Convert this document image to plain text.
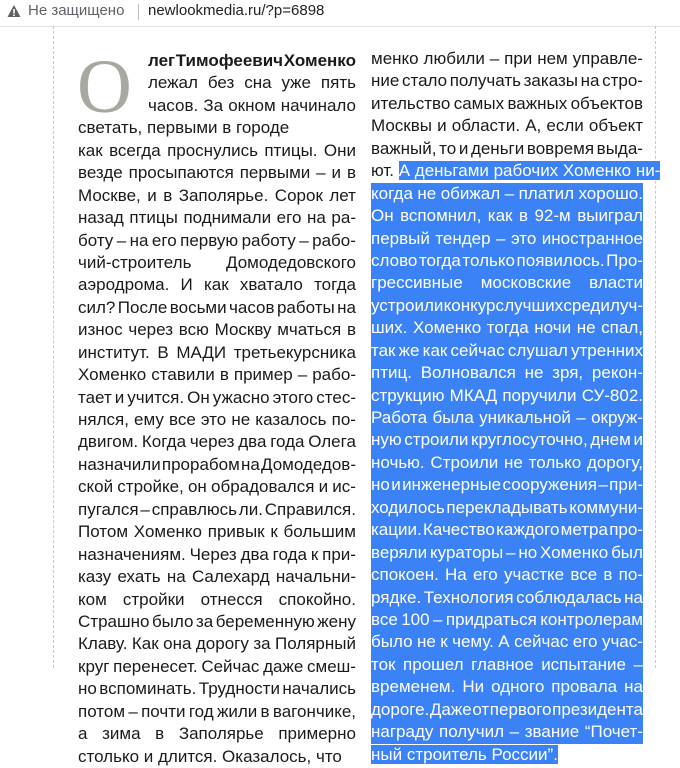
Не защищено newlookmedia.ru/?p=6898
О лег Тимофеевич Хоменко
лежал без сна уже пять
часов. За окном начинало
светать, первыми в городе
как всегда проснулись птицы. Они
везде просыпаются первыми – и в
Москве, и в Заполярье. Сорок лет
назад птицы поднимали его на ра-
боту – на его первую работу – рабо-
чий-строитель Домодедовского
аэродрома. И как хватало тогда
сил? После восьми часов работы на
износ через всю Москву мчаться в
институт. В МАДИ третьекурсника
Хоменко ставили в пример – рабо-
тает и учится. Он ужасно этого стес-
нялся, ему все это не казалось по-
двигом. Когда через два года Олега
назначили прорабом на Домодедов-
ской стройке, он обрадовался и ис-
пугался – справлюсь ли. Справился.
Потом Хоменко привык к большим
назначениям. Через два года к при-
казу ехать на Салехард начальни-
ком стройки отнесся спокойно.
Страшно было за беременную жену
Клаву. Как она дорогу за Полярный
круг перенесет. Сейчас даже смеш-
но вспоминать. Трудности начались
потом – почти год жили в вагончике,
а зима в Заполярье примерно
столько и длится. Оказалось, что
менко любили – при нем управле-
ние стало получать заказы на стро-
ительство самых важных объектов
Москвы и области. А, если объект
важный, то и деньги вовремя выда-
ют. А деньгами рабочих Хоменко ни-
когда не обижал – платил хорошо.
Он вспомнил, как в 92-м выиграл
первый тендер – это иностранное
слово тогда только появилось. Про-
грессивные московские власти
устроили конкурс лучших среди луч-
ших. Хоменко тогда ночи не спал,
так же как сейчас слушал утренних
птиц. Волновался не зря, рекон-
струкцию МКАД поручили СУ-802.
Работа была уникальной – окруж-
ную строили круглосуточно, днем и
ночью. Строили не только дорогу,
но и инженерные сооружения – при-
ходилось перекладывать коммуни-
кации. Качество каждого метра про-
веряли кураторы – но Хоменко был
спокоен. На его участке все в по-
рядке. Технология соблюдалась на
все 100 – придраться контролерам
было не к чему. А сейчас его учас-
ток прошел главное испытание –
временем. Ни одного провала на
дороге. Даже от первого президента
награду получил – звание “Почет-
ный строитель России”.
